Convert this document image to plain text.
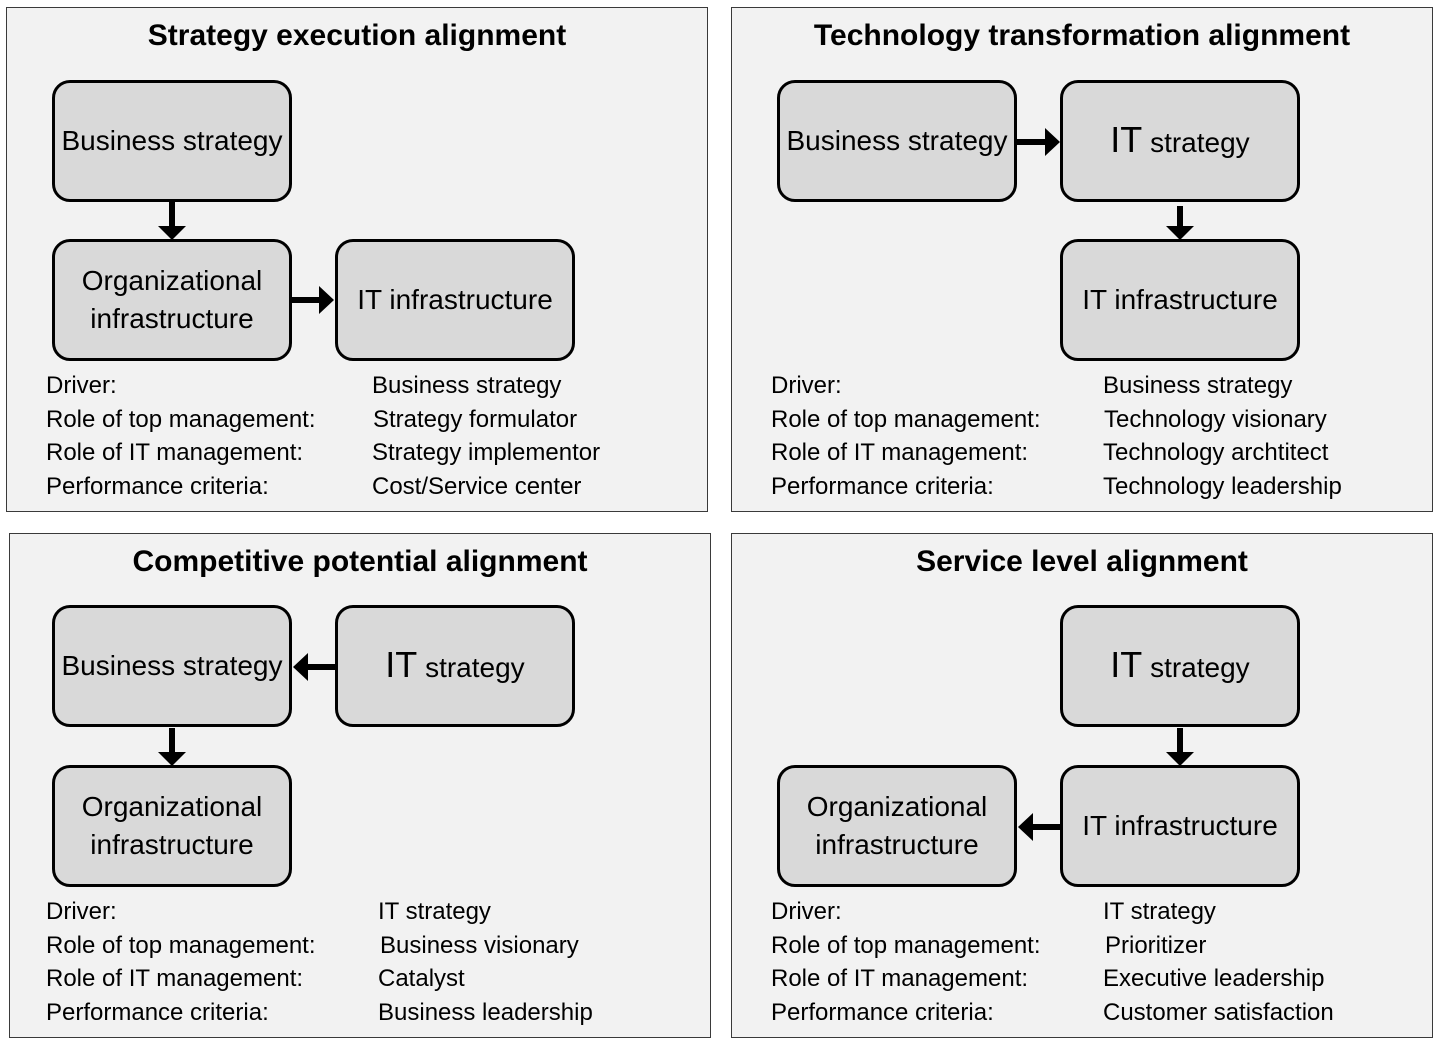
Strategy execution alignment
Business strategy
Organizational infrastructure
IT infrastructure
Driver:	Business strategy
Role of top management: Strategy formulator
Role of IT management:	Strategy implementor
Performance criteria:	Cost/Service center
Technology transformation alignment
Business strategy	IT strategy
IT infrastructure
Driver:	Business strategy
Role of top management:	Technology visionary
Role of IT management:	Technology archtitect
Performance criteria:	Technology leadership
Competitive potential alignment
Business strategy	IT strategy
Organizational infrastructure
Driver:	IT strategy
Role of top management:	Business visionary
Role of IT management:	Catalyst
Performance criteria:	Business leadership
Service level alignment
IT strategy
Organizational infrastructure
IT infrastructure
Driver:	IT strategy
Role of top management:	Prioritizer
Role of IT management:	Executive leadership
Performance criteria:	Customer satisfaction
